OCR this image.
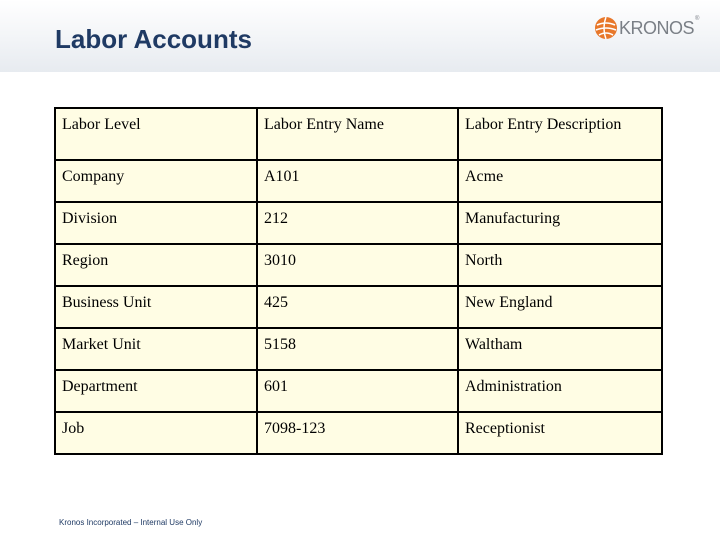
Labor Accounts	KRONOS ®
Labor Level	Labor Entry Name	Labor Entry Description
Company	A101	Acme
Division	212	Manufacturing
Region	3010	North
Business Unit	425	New England
Market Unit	5158	Waltham
Department	601	Administration
Job	7098-123	Receptionist
Kronos Incorporated – Internal Use Only
